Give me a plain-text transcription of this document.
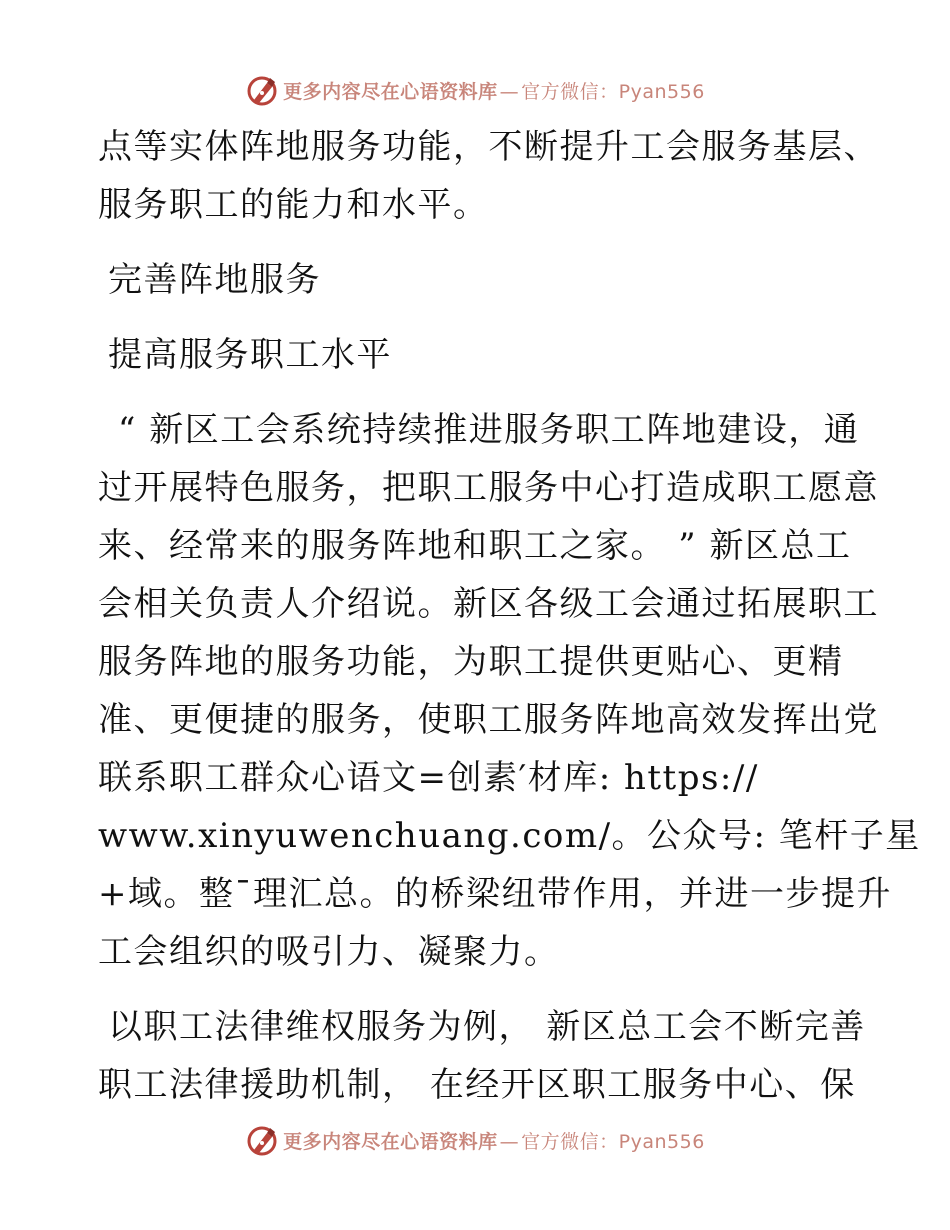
更多内容尽在心语资料库 — 官方微信：Pyan556

点等实体阵地服务功能，不断提升工会服务基层、
服务职工的能力和水平。

完善阵地服务

提高服务职工水平

“ 新区工会系统持续推进服务职工阵地建设，通

过开展特色服务，把职工服务中心打造成职工愿意
来、经常来的服务阵地和职工之家。 ” 新区总工
会相关负责人介绍说。新区各级工会通过拓展职工
服务阵地的服务功能，为职工提供更贴心、更精
准、更便捷的服务，使职工服务阵地高效发挥出党
联系职工群众心语文=创素′材库: https://
www.xinyuwenchuang.com/。公众号: 笔杆子星
+域。整¯理汇总。的桥梁纽带作用，并进一步提升
工会组织的吸引力、凝聚力。

以职工法律维权服务为例， 新区总工会不断完善

职工法律援助机制， 在经开区职工服务中心、保

更多内容尽在心语资料库 — 官方微信：Pyan556
